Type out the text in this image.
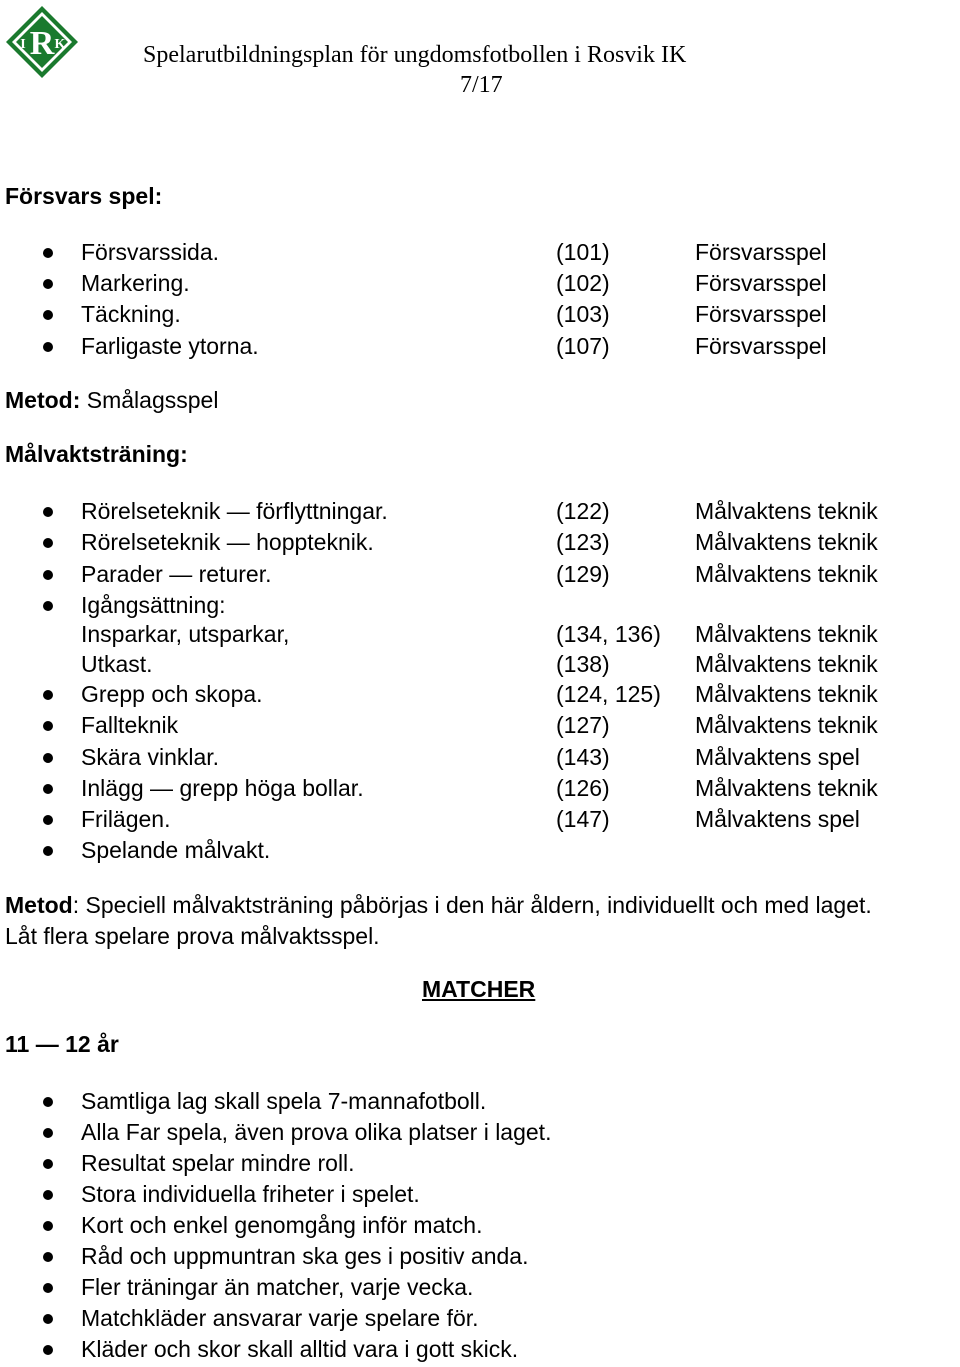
R
I K	Spelarutbildningsplan för ungdomsfotbollen i Rosvik IK
7/17
Försvars spel:
Försvarssida.	(101)	Försvarsspel
Markering.	(102)	Försvarsspel
Täckning.	(103)	Försvarsspel
Farligaste ytorna.	(107)	Försvarsspel
Metod: Smålagsspel
Målvaktsträning:
Rörelseteknik — förflyttningar.	(122)	Målvaktens teknik
Rörelseteknik — hoppteknik.	(123)	Målvaktens teknik
Parader — returer.	(129)	Målvaktens teknik
Igångsättning:
Insparkar, utsparkar,	(134, 136) Målvaktens teknik
Utkast.	(138)	Målvaktens teknik
Grepp och skopa.	(124, 125) Målvaktens teknik
Fallteknik	(127)	Målvaktens teknik
Skära vinklar.	(143)	Målvaktens spel
Inlägg — grepp höga bollar.	(126)	Målvaktens teknik
Frilägen.	(147)	Målvaktens spel
Spelande målvakt.
Metod: Speciell målvaktsträning påbörjas i den här åldern, individuellt och med laget.
Låt flera spelare prova målvaktsspel.
MATCHER
11 — 12 år
Samtliga lag skall spela 7-mannafotboll.
Alla Far spela, även prova olika platser i laget.
Resultat spelar mindre roll.
Stora individuella friheter i spelet.
Kort och enkel genomgång inför match.
Råd och uppmuntran ska ges i positiv anda.
Fler träningar än matcher, varje vecka.
Matchkläder ansvarar varje spelare för.
Kläder och skor skall alltid vara i gott skick.
